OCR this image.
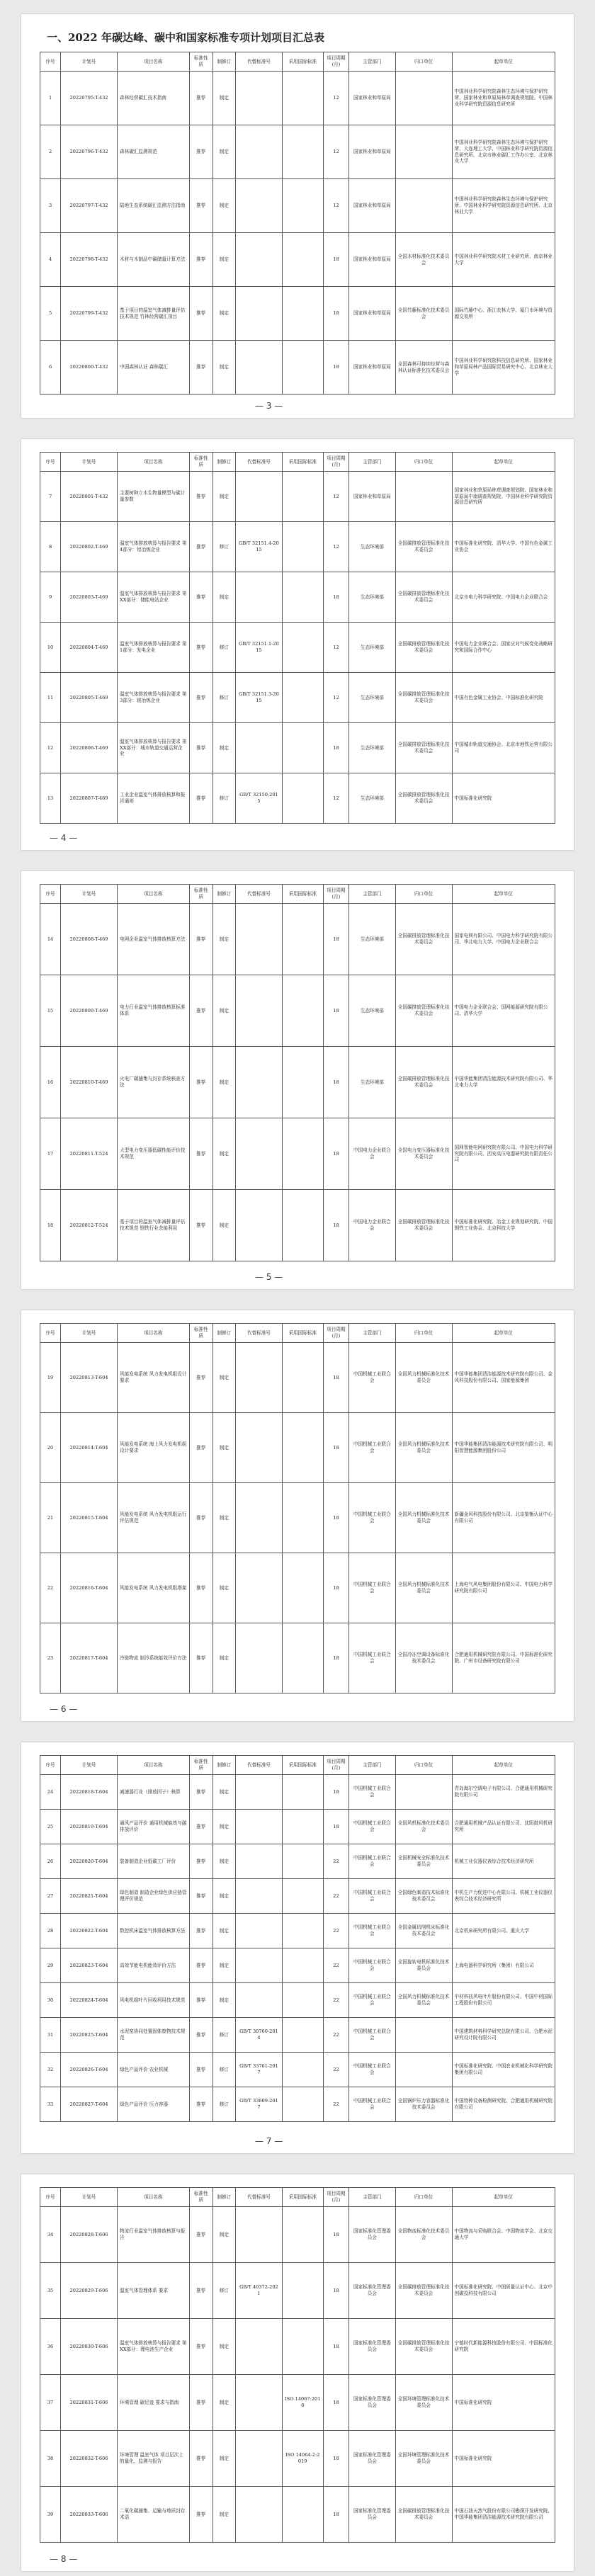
一、2022 年碳达峰、碳中和国家标准专项计划项目汇总表
序号	计划号	项目名称	标准性质	制修订	代替标准号	采用国际标准	项目周期(月)	主管部门	归口单位	起草单位
1	20220795-T-432	森林经营碳汇技术指南	推荐	制定			12	国家林业和草原局		中国林业科学研究院森林生态环境与保护研究所、国家林业和草原局林草调查规划院、中国林业科学研究院资源信息研究所
2	20220796-T-432	森林碳汇监测规范	推荐	制定			12	国家林业和草原局		中国林业科学研究院森林生态环境与保护研究所、大连理工大学、中国林业科学研究院资源信息研究所、北京市林业碳汇工作办公室、北京林业大学
3	20220797-T-432	陆地生态系统碳汇监测方法指南	推荐	制定			12	国家林业和草原局		中国林业科学研究院森林生态环境与保护研究所、中国林业科学研究院资源信息研究所、北京林业大学
4	20220798-T-432	木材与木制品中碳储量计算方法	推荐	制定			18	国家林业和草原局	全国木材标准化技术委员会	中国林业科学研究院木材工业研究所、南京林业大学
5	20220799-T-432	基于项目的温室气体减排量评估技术规范 竹林经营碳汇项目	推荐	制定			18	国家林业和草原局	全国竹藤标准化技术委员会	国际竹藤中心、浙江农林大学、厦门市环境与资源交易所
6	20220800-T-432	中国森林认证 森林碳汇	推荐	制定			18	国家林业和草原局	全国森林可持续经营与森林认证标准化技术委员会	中国林业科学研究院科技信息研究所、国家林业和草原局林产品国际贸易研究中心、北京林业大学
— 3 —
序号	计划号	项目名称	标准性质	制修订	代替标准号	采用国际标准	项目周期(月)	主管部门	归口单位	起草单位
7	20220801-T-432	主要树种立木生物量模型与碳计量参数	推荐	制定			12	国家林业和草原局		国家林业和草原局林草调查规划院、国家林业和草原局中南调查规划院、中国林业科学研究院资源信息研究所
8	20220802-T-469	温室气体排放核算与报告要求 第4部分：铝冶炼企业	推荐	修订	GB/T 32151.4-2015		12	生态环境部	全国碳排放管理标准化技术委员会	中国标准化研究院、清华大学、中国有色金属工业协会
9	20220803-T-469	温室气体排放核算与报告要求 第XX部分：储能电站企业	推荐	制定			18	生态环境部	全国碳排放管理标准化技术委员会	北京市电力科学研究院、中国电力企业联合会
10	20220804-T-469	温室气体排放核算与报告要求 第1部分：发电企业	推荐	修订	GB/T 32151.1-2015		12	生态环境部	全国碳排放管理标准化技术委员会	中国电力企业联合会、国家应对气候变化战略研究和国际合作中心
11	20220805-T-469	温室气体排放核算与报告要求 第3部分：镁冶炼企业	推荐	修订	GB/T 32151.3-2015		12	生态环境部	全国碳排放管理标准化技术委员会	中国有色金属工业协会、中国标准化研究院
12	20220806-T-469	温室气体排放核算与报告要求 第XX部分：城市轨道交通运营企业	推荐	制定			18	生态环境部	全国碳排放管理标准化技术委员会	中国城市轨道交通协会、北京市地铁运营有限公司
13	20220807-T-469	工业企业温室气体排放核算和报告通则	推荐	修订	GB/T 32150-2015		12	生态环境部	全国碳排放管理标准化技术委员会	中国标准化研究院
— 4 —
序号	计划号	项目名称	标准性质	制修订	代替标准号	采用国际标准	项目周期(月)	主管部门	归口单位	起草单位
14	20220808-T-469	电网企业温室气体排放核算方法	推荐	制定			18	生态环境部	全国碳排放管理标准化技术委员会	国家电网有限公司、中国电力科学研究院有限公司、华北电力大学、中国电力企业联合会
15	20220809-T-469	电力行业温室气体排放核算标准体系	推荐	制定			18	生态环境部	全国碳排放管理标准化技术委员会	中国电力企业联合会、国网能源研究院有限公司、清华大学
16	20220810-T-469	火电厂碳捕集与封存系统核查方法	推荐	制定			18	生态环境部	全国碳排放管理标准化技术委员会	中国华能集团清洁能源技术研究院有限公司、华北电力大学
17	20220811-T-524	大型电力变压器低碳性能评价技术规范	推荐	制定			18	中国电力企业联合会	全国电力变压器标准化技术委员会	国网智能电网研究院有限公司、中国电力科学研究院有限公司、西安高压电器研究院有限责任公司
18	20220812-T-524	基于项目的温室气体减排量评估技术规范 钢铁行业余能利用	推荐	制定			18	中国电力企业联合会	全国碳排放管理标准化技术委员会	中国标准化研究院、冶金工业规划研究院、中国钢铁工业协会、北京科技大学
— 5 —
序号	计划号	项目名称	标准性质	制修订	代替标准号	采用国际标准	项目周期(月)	主管部门	归口单位	起草单位
19	20220813-T-604	风能发电系统 风力发电机组设计要求	推荐	制定			18	中国机械工业联合会	全国风力机械标准化技术委员会	中国华能集团清洁能源技术研究院有限公司、金风科技股份有限公司、国家能源集团
20	20220814-T-604	风能发电系统 海上风力发电机组设计要求	推荐	制定			18	中国机械工业联合会	全国风力机械标准化技术委员会	中国华能集团清洁能源技术研究院有限公司、明阳智慧能源集团股份公司
21	20220815-T-604	风能发电系统 风力发电机组运行评估规范	推荐	制定			18	中国机械工业联合会	全国风力机械标准化技术委员会	新疆金风科技股份有限公司、北京鉴衡认证中心有限公司
22	20220816-T-604	风能发电系统 风力发电机组塔架	推荐	制定			18	中国机械工业联合会	全国风力机械标准化技术委员会	上海电气风电集团股份有限公司、中国电力科学研究院有限公司
23	20220817-T-604	冷链物流 制冷系统能效评价方法	推荐	制定			18	中国机械工业联合会	全国冷冻空调设备标准化技术委员会	合肥通用机械研究院有限公司、中国标准化研究院、广州市设备研究院有限公司
— 6 —
序号	计划号	项目名称	标准性质	制修订	代替标准号	采用国际标准	项目周期(月)	主管部门	归口单位	起草单位
24	20220818-T-604	减速器行业（排放因子）核算	推荐	制定			18	中国机械工业联合会		青岛海尔空调电子有限公司、合肥通用机械研究院有限公司
25	20220819-T-604	通风产品评价 通用机械能效与碳排放评价	推荐	制定			18	中国机械工业联合会	全国风机标准化技术委员会	合肥通用机械产品认证有限公司、沈阳鼓风机研究所
26	20220820-T-604	装备制造企业低碳工厂评价	推荐	制定			22	中国机械工业联合会	全国机械安全标准化技术委员会	机械工业仪器仪表综合技术经济研究所
27	20220821-T-604	绿色制造 制造企业绿色供应链管理评价规范	推荐	制定			22	中国机械工业联合会	全国绿色制造技术标准化技术委员会	中机生产力促进中心有限公司、机械工业仪器仪表综合技术经济研究所
28	20220822-T-604	数控机床温室气体排放核算方法	推荐	制定			22	中国机械工业联合会	全国金属切削机床标准化技术委员会	北京机床研究所有限公司、重庆大学
29	20220823-T-604	高效节能电机能效评价方法	推荐	制定			22	中国机械工业联合会	全国旋转电机标准化技术委员会	上海电器科学研究所（集团）有限公司
30	20220824-T-604	风电机组叶片回收利用技术规范	推荐	制定			22	中国机械工业联合会	全国风力机械标准化技术委员会	中材科技风电叶片股份有限公司、中国中材国际工程股份有限公司
31	20220825-T-604	水泥窑协同处置固体废物技术规范	推荐	修订	GB/T 30760-2014		22	中国机械工业联合会		中国建筑材料科学研究总院有限公司、合肥水泥研究设计院有限公司
32	20220826-T-604	绿色产品评价 农业机械	推荐	修订	GB/T 33761-2017		22	中国机械工业联合会		中国标准化研究院、中国农业机械化科学研究院集团有限公司
33	20220827-T-604	绿色产品评价 压力容器	推荐	修订	GB/T 33609-2017		22	中国机械工业联合会	全国锅炉压力容器标准化技术委员会	中国特种设备检测研究院、合肥通用机械研究院有限公司
— 7 —
序号	计划号	项目名称	标准性质	制修订	代替标准号	采用国际标准	项目周期(月)	主管部门	归口单位	起草单位
34	20220828-T-606	物流行业温室气体排放核算与报告	推荐	制定			18	国家标准化管理委员会	全国物流标准化技术委员会	中国物流与采购联合会、中国物流学会、北京交通大学
35	20220829-T-606	温室气体管理体系 要求	推荐	修订	GB/T 40372-2021		18	国家标准化管理委员会	全国碳排放管理标准化技术委员会	中国标准化研究院、中国质量认证中心、北京中创碳投科技有限公司
36	20220830-T-606	温室气体排放核算与报告要求 第XX部分：锂电池生产企业	推荐	制定			18	国家标准化管理委员会	全国碳排放管理标准化技术委员会	宁德时代新能源科技股份有限公司、中国标准化研究院
37	20220831-T-606	环境管理 碳足迹 要求与指南	推荐	制定		ISO 14067:2018	18	国家标准化管理委员会	全国环境管理标准化技术委员会	中国标准化研究院
38	20220832-T-606	环境管理 温室气体 项目层次上的量化、监测与报告	推荐	制定		ISO 14064-2:2019	18	国家标准化管理委员会	全国环境管理标准化技术委员会	中国标准化研究院
39	20220833-T-606	二氧化碳捕集、运输与地质封存 术语	推荐	制定			18	国家标准化管理委员会	全国碳排放管理标准化技术委员会	中国石油天然气股份有限公司勘探开发研究院、中国华能集团清洁能源技术研究院有限公司
— 8 —
